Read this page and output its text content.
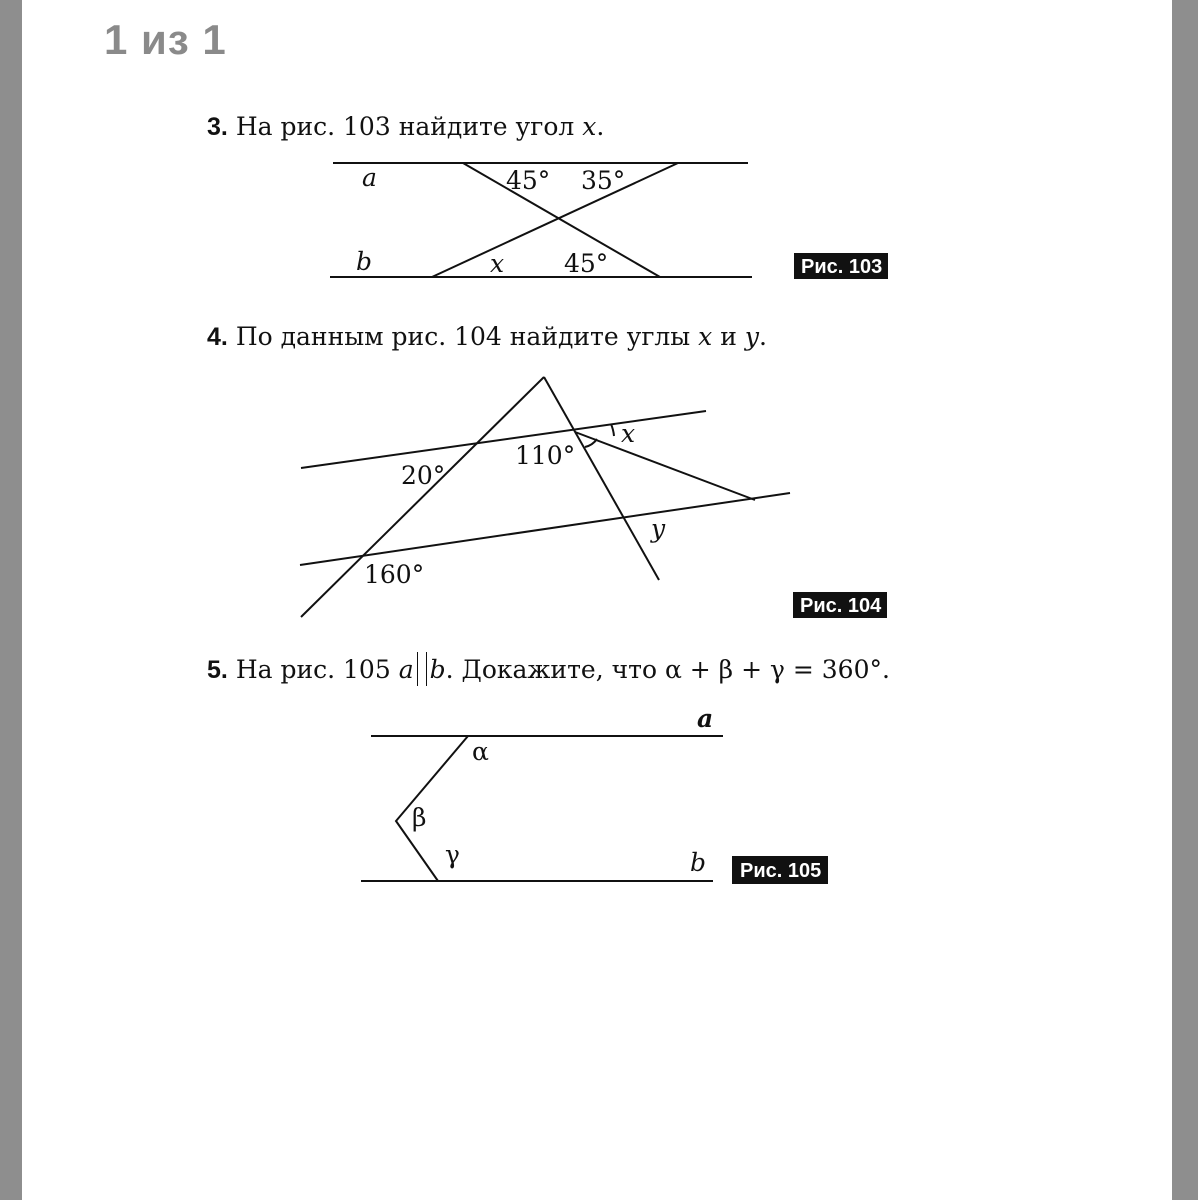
1 из 1
3. На рис. 103 найдите угол x.
4. По данным рис. 104 найдите углы x и y.
5. На рис. 105 a b. Докажите, что α + β + γ = 360°.
a
b
45° 35°
x 45°	Рис. 103
20°
110°
160°
x
y
Рис. 104
a
b
α
β
γ
Рис. 105
